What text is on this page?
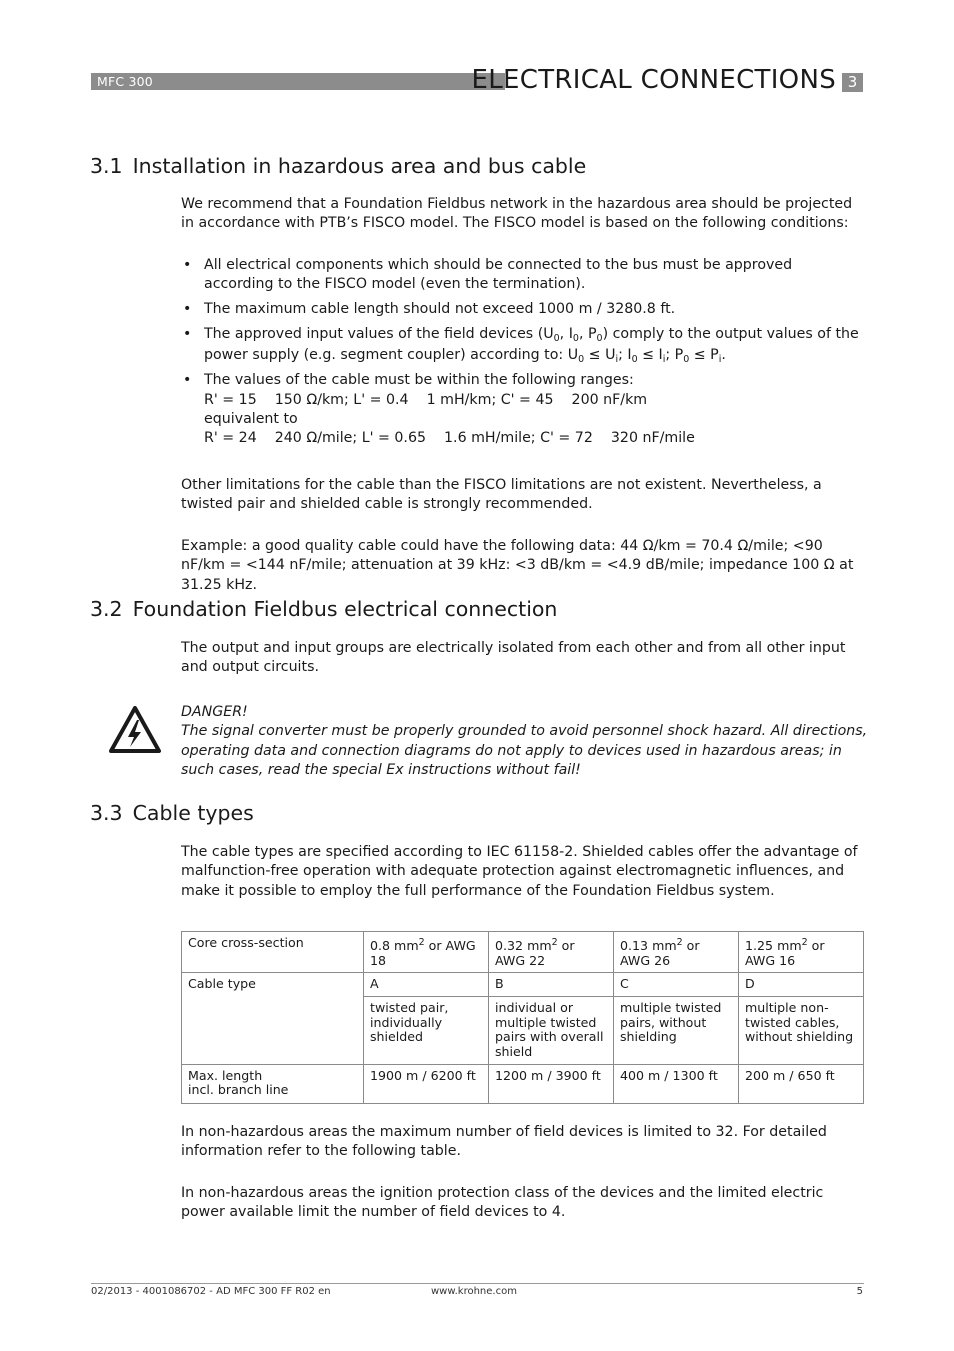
MFC 300	ELECTRICAL CONNECTIONS 3
3.1 Installation in hazardous area and bus cable

We recommend that a Foundation Fieldbus network in the hazardous area should be projected in accordance with PTB’s FISCO model. The FISCO model is based on the following conditions:

• All electrical components which should be connected to the bus must be approved according to the FISCO model (even the termination).
• The maximum cable length should not exceed 1000 m / 3280.8 ft.
• The approved input values of the field devices ($U_0$, $I_0$, $P_0$) comply to the output values of the power supply (e.g. segment coupler) according to: $U_0 \le U_i$; $I_0 \le I_i$; $P_0 \le P_i$.
• The values of the cable must be within the following ranges:
R' = 15    150 Ω/km; L' = 0.4    1 mH/km; C' = 45    200 nF/km
equivalent to
R' = 24    240 Ω/mile; L' = 0.65    1.6 mH/mile; C' = 72    320 nF/mile

Other limitations for the cable than the FISCO limitations are not existent. Nevertheless, a twisted pair and shielded cable is strongly recommended.

Example: a good quality cable could have the following data: 44 Ω/km = 70.4 Ω/mile; <90 nF/km = <144 nF/mile; attenuation at 39 kHz: <3 dB/km = <4.9 dB/mile; impedance 100 Ω at 31.25 kHz.

3.2 Foundation Fieldbus electrical connection

The output and input groups are electrically isolated from each other and from all other input and output circuits.

DANGER!
The signal converter must be properly grounded to avoid personnel shock hazard. All directions, operating data and connection diagrams do not apply to devices used in hazardous areas; in such cases, read the special Ex instructions without fail!
3.3 Cable types

The cable types are specified according to IEC 61158-2. Shielded cables offer the advantage of malfunction-free operation with adequate protection against electromagnetic influences, and make it possible to employ the full performance of the Foundation Fieldbus system.

Core cross-section	0.8 $mm^2$ or AWG 18	0.32 $mm^2$ or AWG 22	0.13 $mm^2$ or AWG 26	1.25 $mm^2$ or AWG 16
Cable type	A	B	C	D
	twisted pair, individually shielded	individual or multiple twisted pairs with overall shield	multiple twisted pairs, without shielding	multiple non-twisted cables, without shielding
Max. length
incl. branch line	1900 m / 6200 ft	1200 m / 3900 ft	400 m / 1300 ft	200 m / 650 ft

In non-hazardous areas the maximum number of field devices is limited to 32. For detailed information refer to the following table.

In non-hazardous areas the ignition protection class of the devices and the limited electric power available limit the number of field devices to 4.

02/2013 - 4001086702 - AD MFC 300 FF R02 en	www.krohne.com	5
